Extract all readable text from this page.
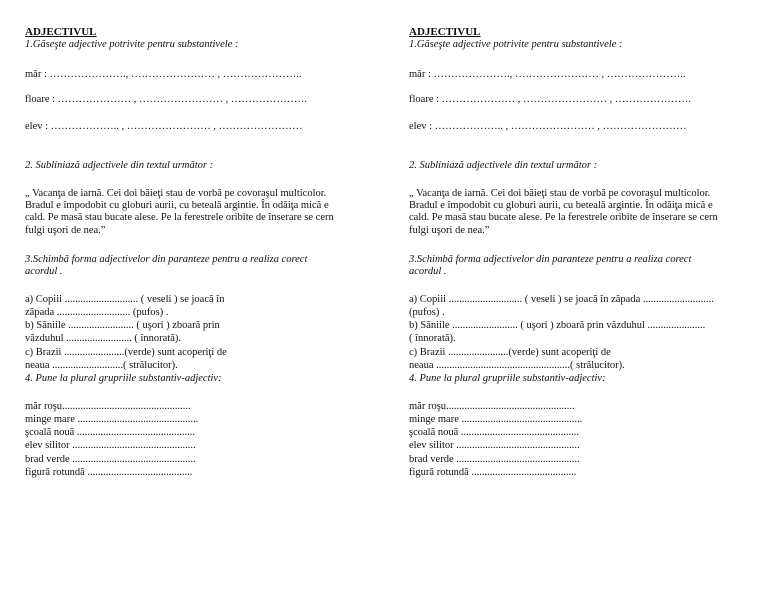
ADJECTIVUL
1.Găseşte adjective potrivite pentru substantivele :
măr : …………………., …………………… , …………………..
floare : ………………… , …………………… , ………………….
elev : ……………….. , …………………… , ……………………
2. Subliniază adjectivele din textul următor :
„ Vacanţa de iarnă. Cei doi băieţi stau de vorbă pe covoraşul multicolor.
Bradul e împodobit cu globuri aurii, cu beteală argintie. În odăiţa mică e
cald. Pe masă stau bucate alese. Pe la ferestrele oribite de înserare se cern
fulgi uşori de nea.”
3.Schimbă forma adjectivelor din paranteze pentru a realiza corect
acordul .
a) Copiii ............................ ( veseli ) se joacă în
zăpada ............................ (pufos) .
b) Săniile ......................... ( uşori ) zboară prin
văzduhul ......................... ( înnorată).
c) Brazii .......................(verde) sunt acoperiţi de
neaua ...........................( strălucitor).
4. Pune la plural grupriile substantiv-adjectiv:
măr roşu.................................................
minge mare ..............................................
şcoală nouă .............................................
elev silitor ...............................................
brad verde ...............................................
figură rotundă ........................................
ADJECTIVUL
1.Găseşte adjective potrivite pentru substantivele :
măr : …………………., …………………… , …………………..
floare : ………………… , …………………… , ………………….
elev : ……………….. , …………………… , ……………………
2. Subliniază adjectivele din textul următor :
„ Vacanţa de iarnă. Cei doi băieţi stau de vorbă pe covoraşul multicolor.
Bradul e împodobit cu globuri aurii, cu beteală argintie. În odăiţa mică e
cald. Pe masă stau bucate alese. Pe la ferestrele oribite de înserare se cern
fulgi uşori de nea.”
3.Schimbă forma adjectivelor din paranteze pentru a realiza corect
acordul .
a) Copiii ............................ ( veseli ) se joacă în zăpada ...........................
(pufos) .
b) Săniile ......................... ( uşori ) zboară prin văzduhul ......................
( înnorată).
c) Brazii .......................(verde) sunt acoperiţi de
neaua ...................................................( strălucitor).
4. Pune la plural grupriile substantiv-adjectiv:
măr roşu.................................................
minge mare ..............................................
şcoală nouă .............................................
elev silitor ...............................................
brad verde ...............................................
figură rotundă ........................................
